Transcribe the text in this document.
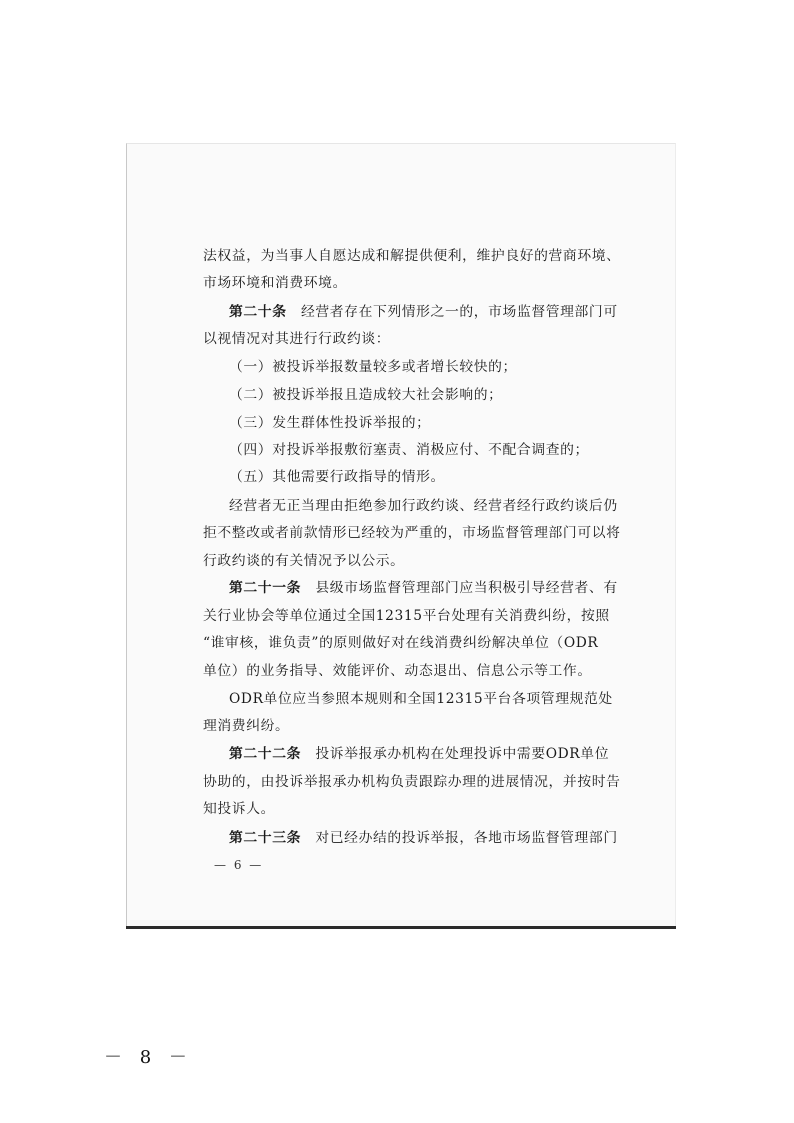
法权益，为当事人自愿达成和解提供便利，维护良好的营商环境、
市场环境和消费环境。
第二十条　经营者存在下列情形之一的，市场监督管理部门可
以视情况对其进行行政约谈：
（一）被投诉举报数量较多或者增长较快的；
（二）被投诉举报且造成较大社会影响的；
（三）发生群体性投诉举报的；
（四）对投诉举报敷衍塞责、消极应付、不配合调查的；
（五）其他需要行政指导的情形。
经营者无正当理由拒绝参加行政约谈、经营者经行政约谈后仍
拒不整改或者前款情形已经较为严重的，市场监督管理部门可以将
行政约谈的有关情况予以公示。
第二十一条　县级市场监督管理部门应当积极引导经营者、有
关行业协会等单位通过全国12315平台处理有关消费纠纷，按照
“谁审核，谁负责”的原则做好对在线消费纠纷解决单位（ODR
单位）的业务指导、效能评价、动态退出、信息公示等工作。
ODR单位应当参照本规则和全国12315平台各项管理规范处
理消费纠纷。
第二十二条　投诉举报承办机构在处理投诉中需要ODR单位
协助的，由投诉举报承办机构负责跟踪办理的进展情况，并按时告
知投诉人。
第二十三条　对已经办结的投诉举报，各地市场监督管理部门
— 6 —
－ 8 －
